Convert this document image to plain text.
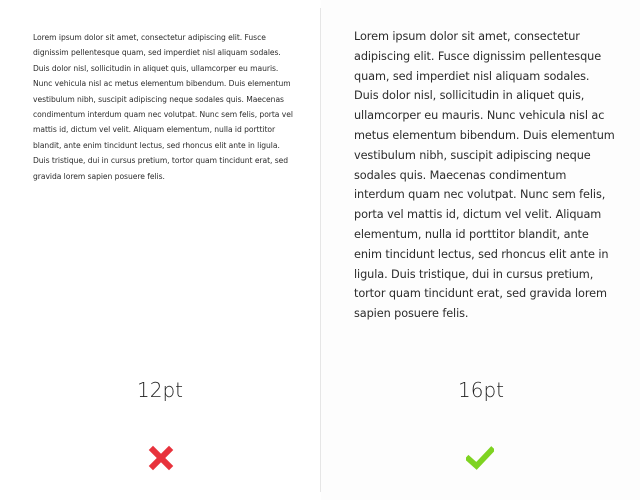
Lorem ipsum dolor sit amet, consectetur adipiscing elit. Fusce dignissim pellentesque quam, sed imperdiet nisl aliquam sodales. Duis dolor nisl, sollicitudin in aliquet quis, ullamcorper eu mauris. Nunc vehicula nisl ac metus elementum bibendum. Duis elementum vestibulum nibh, suscipit adipiscing neque sodales quis. Maecenas condimentum interdum quam nec volutpat. Nunc sem felis, porta vel mattis id, dictum vel velit. Aliquam elementum, nulla id porttitor blandit, ante enim tincidunt lectus, sed rhoncus elit ante in ligula. Duis tristique, dui in cursus pretium, tortor quam tincidunt erat, sed gravida lorem sapien posuere felis.

12pt

Lorem ipsum dolor sit amet, consectetur adipiscing elit. Fusce dignissim pellentesque quam, sed imperdiet nisl aliquam sodales. Duis dolor nisl, sollicitudin in aliquet quis, ullamcorper eu mauris. Nunc vehicula nisl ac metus elementum bibendum. Duis elementum vestibulum nibh, suscipit adipiscing neque sodales quis. Maecenas condimentum interdum quam nec volutpat. Nunc sem felis, porta vel mattis id, dictum vel velit. Aliquam elementum, nulla id porttitor blandit, ante enim tincidunt lectus, sed rhoncus elit ante in ligula. Duis tristique, dui in cursus pretium, tortor quam tincidunt erat, sed gravida lorem sapien posuere felis.

16pt
